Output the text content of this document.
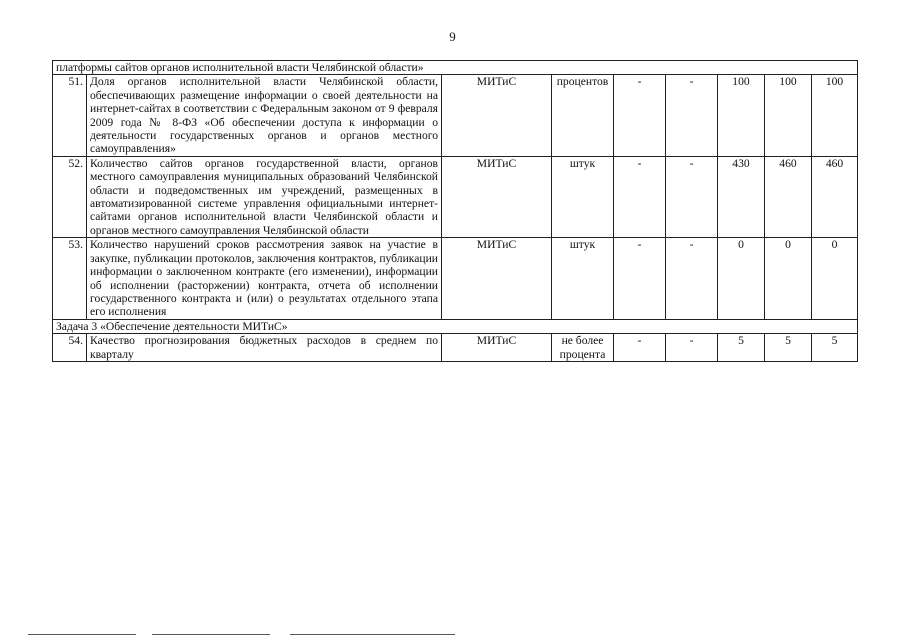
9
платформы сайтов органов исполнительной власти Челябинской области»								
51.	Доля органов исполнительной власти Челябинской области, обеспечивающих размещение информации о своей деятельности на интернет-сайтах в соответствии с Федеральным законом от 9 февраля 2009 года № 8-ФЗ «Об обеспечении доступа к информации о деятельности государственных органов и органов местного самоуправления»	МИТиС	процентов	-	-	100	100	100
52.	Количество сайтов органов государственной власти, органов местного самоуправления муниципальных образований Челябинской области и подведомственных им учреждений, размещенных в автоматизированной системе управления официальными интернет-сайтами органов исполнительной власти Челябинской области и органов местного самоуправления Челябинской области	МИТиС	штук	-	-	430	460	460
53.	Количество нарушений сроков рассмотрения заявок на участие в закупке, публикации протоколов, заключения контрактов, публикации информации о заключенном контракте (его изменении), информации об исполнении (расторжении) контракта, отчета об исполнении государственного контракта и (или) о результатах отдельного этапа его исполнения	МИТиС	штук	-	-	0	0	0
Задача 3 «Обеспечение деятельности МИТиС»								
54.	Качество прогнозирования бюджетных расходов в среднем по кварталу	МИТиС	не более процента	-	-	5	5	5
